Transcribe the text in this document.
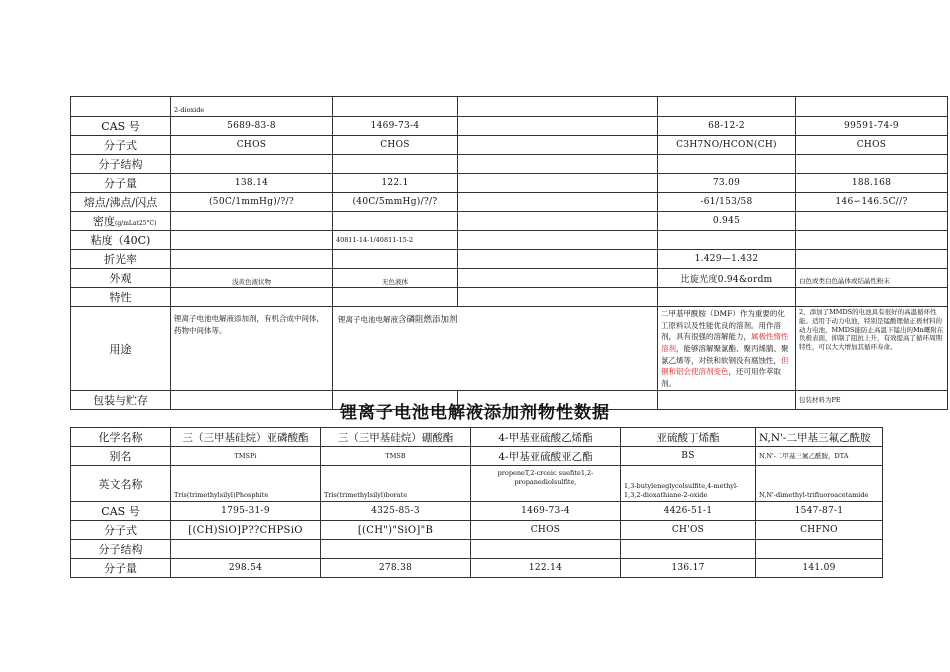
	2-dioxide				
CAS 号	5689-83-8	1469-73-4		68-12-2	99591-74-9
分子式	CHOS	CHOS		C3H7NO/HCON(CH)	CHOS
分子结构					
分子量	138.14	122.1		73.09	188.168
熔点/沸点/闪点	(50C/1mmHg)/?/?	(40C/5mmHg)/?/?		-61/153/58	146∽146.5C//?
密度(g/mLat25°C)				0.945	
粘度（40C)		40811-14-1/40811-15-2			
折光率				1.429—1.432	
外观	浅黄色液状物	无色液体		比旋光度0.94&ordm	白色或类白色晶体或结晶性粉末
特性					
用途	锂离子电池电解液添加剂，有机合成中间体，药物中间体等。	锂离子电池电解液含磷阻燃添加剂		二甲基甲酰胺（DMF）作为重要的化工原料以及性能优良的溶剂。用作溶剂，具有很强的溶解能力，属极性惰性溶剂，能够溶解聚氯酯、聚丙烯腈、聚氯乙烯等，对铁和软钢没有腐蚀性，但铜和铝会使溶剂变色，还可用作萃取剂。	2、添加了MMDS的电池具有很好的高温循环性能。适用于动力电池，特别是锰酸锂做正极材料的动力电池，MMDS能防止高温下锰出的Mn嘅附在负极表面，抑制了阻抗上升，有效提高了循环周期特性，可以大大增加其循环寿命。
包装与贮存					包装材料为PE
锂离子电池电解液添加剂物性数据
化学名称	三（三甲基硅烷）亚磷酸酯	三（三甲基硅烷）硼酸酯	4-甲基亚硫酸乙烯酯	亚硫酸丁烯酯	N,N'-二甲基三氟乙酰胺
别名	TMSPi	TMSB	4-甲基亚硫酸亚乙酯	BS	N,N'-二甲基三氟乙酰胺，DTA
英文名称	Tris(trimethylsilyl)Phosphite	Tris(trimethylsilyl)borate	propeneT,2-crceic suefite1,2-propanediolsulfite,	1,3-butyleneglycolsulfite,4-methyl-1,3,2-dioxathiane-2-oxide	N,N'-dimethyl-trifluoroacetamide
CAS 号	1795-31-9	4325-85-3	1469-73-4	4426-51-1	1547-87-1
分子式	[(CH)SiO]P??CHPSiO	[(CH")"SiO]"B	CHOS	CH'OS	CHFNO
分子结构					
分子量	298.54	278.38	122.14	136.17	141.09
